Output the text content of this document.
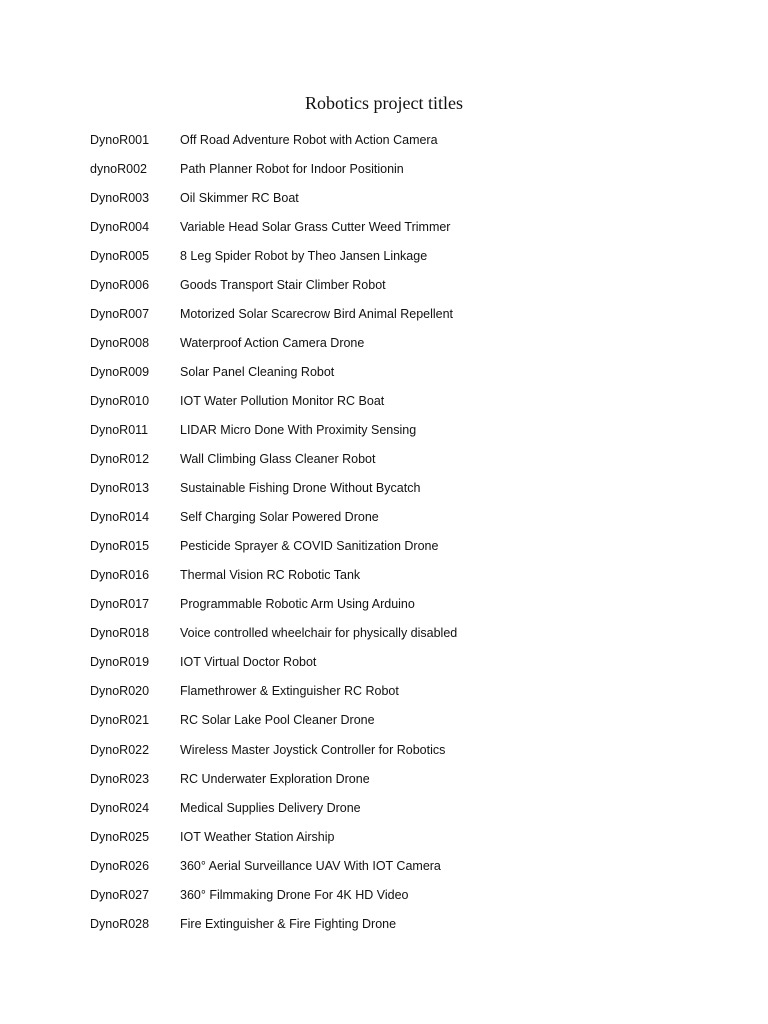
Robotics project titles
DynoR001	Off Road Adventure Robot with Action Camera
dynoR002	Path Planner Robot for Indoor Positionin
DynoR003	Oil Skimmer RC Boat
DynoR004	Variable Head Solar Grass Cutter Weed Trimmer
DynoR005	8 Leg Spider Robot by Theo Jansen Linkage
DynoR006	Goods Transport Stair Climber Robot
DynoR007	Motorized Solar Scarecrow Bird Animal Repellent
DynoR008	Waterproof Action Camera Drone
DynoR009	Solar Panel Cleaning Robot
DynoR010	IOT Water Pollution Monitor RC Boat
DynoR011	LIDAR Micro Done With Proximity Sensing
DynoR012	Wall Climbing Glass Cleaner Robot
DynoR013	Sustainable Fishing Drone Without Bycatch
DynoR014	Self Charging Solar Powered Drone
DynoR015	Pesticide Sprayer & COVID Sanitization Drone
DynoR016	Thermal Vision RC Robotic Tank
DynoR017	Programmable Robotic Arm Using Arduino
DynoR018	Voice controlled wheelchair for physically disabled
DynoR019	IOT Virtual Doctor Robot
DynoR020	Flamethrower & Extinguisher RC Robot
DynoR021	RC Solar Lake Pool Cleaner Drone
DynoR022	Wireless Master Joystick Controller for Robotics
DynoR023	RC Underwater Exploration Drone
DynoR024	Medical Supplies Delivery Drone
DynoR025	IOT Weather Station Airship
DynoR026	360° Aerial Surveillance UAV With IOT Camera
DynoR027	360° Filmmaking Drone For 4K HD Video
DynoR028	Fire Extinguisher & Fire Fighting Drone
